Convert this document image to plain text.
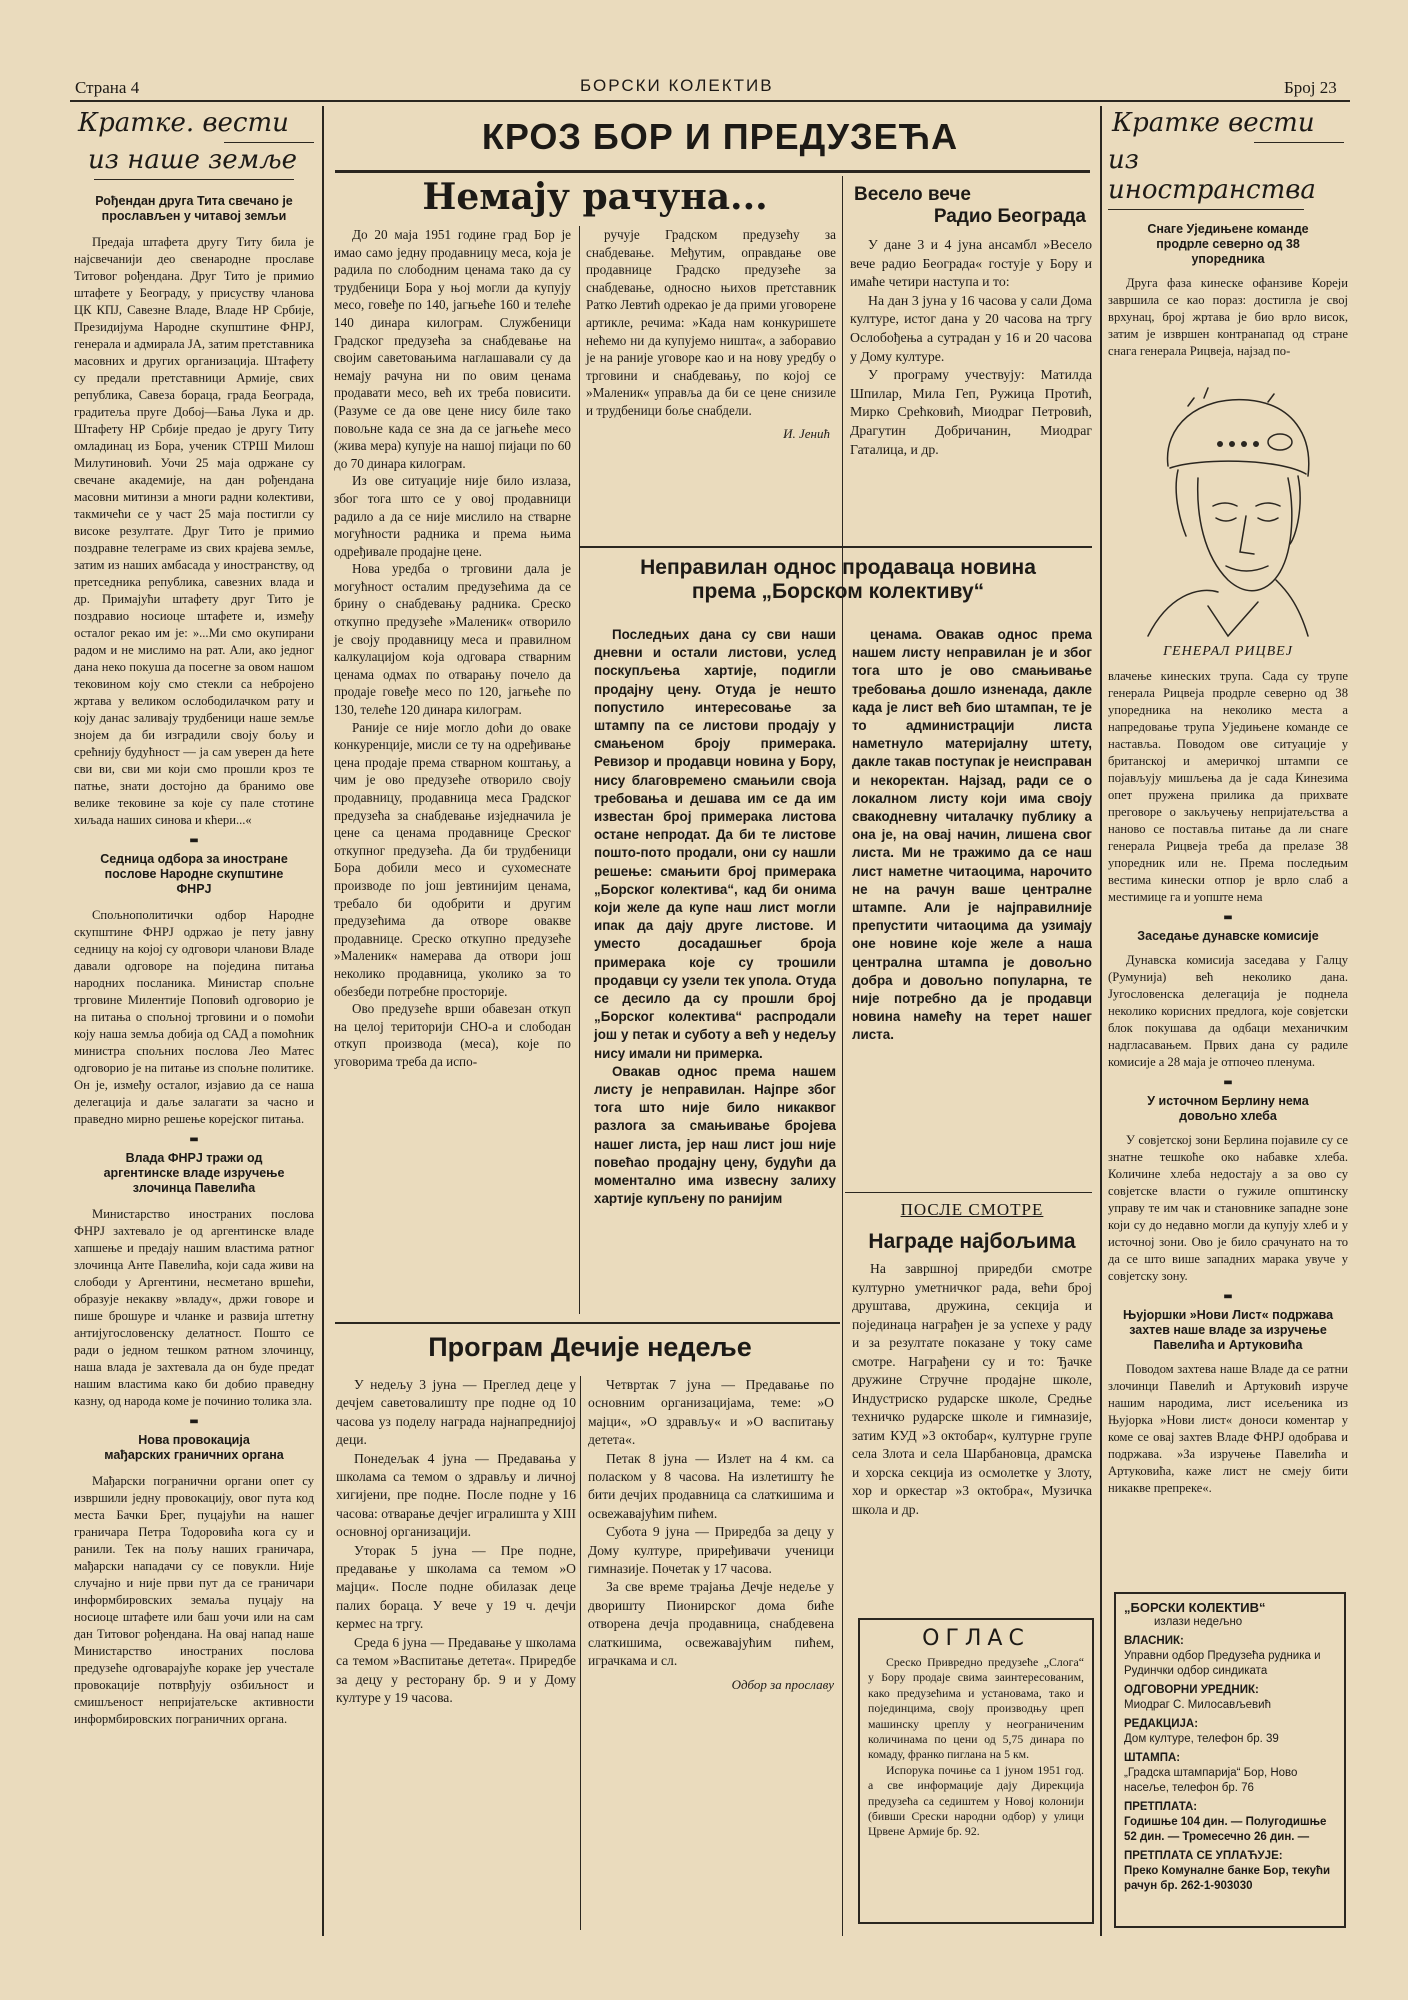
Страна 4	БОРСКИ КОЛЕКТИВ	Број 23
Кратке. вести
из наше земље
Рођендан друга Тита свечано је прослављен у читавој земљи
Предаја штафета другу Титу била је најсвечанији део свенародне прославе Титовог рођендана. Друг Тито је примио штафете у Београду, у присуству чланова ЦК КПЈ, Савезне Владе, Владе НР Србије, Президијума Народне скупштине ФНРЈ, генерала и адмирала ЈА, затим претставника масовних и других организација. Штафету су предали претставници Армије, свих република, Савеза бораца, града Београда, градитеља пруге Добој—Бања Лука и др. Штафету НР Србије предао је другу Титу омладинац из Бора, ученик СТРШ Милош Милутиновић. Уочи 25 маја одржане су свечане академије, на дан рођендана масовни митинзи а многи радни колективи, такмичећи се у част 25 маја постигли су високе резултате. Друг Тито је примио поздравне телеграме из свих крајева земље, затим из наших амбасада у иностранству, од претседника република, савезних влада и др. Примајући штафету друг Тито је поздравио носиоце штафете и, између осталог рекао им је: »...Ми смо окупирани радом и не мислимо на рат. Али, ако једног дана неко покуша да посегне за овом нашом тековином коју смо стекли са небројено жртава у великом ослободилачком рату и коју данас заливају трудбеници наше земље знојем да би изградили своју бољу и срећнију будућност — ја сам уверен да ћете сви ви, сви ми који смо прошли кроз те патње, знати достојно да бранимо ове велике тековине за које су пале стотине хиљада наших синова и кћери...«
▬
Седница одбора за иностране послове Народне скупштине ФНРЈ
Спољнополитички одбор Народне скупштине ФНРЈ одржао је пету јавну седницу на којој су одговори чланови Владе давали одговоре на поједина питања народних посланика. Министар спољне трговине Милентије Поповић одговорио је на питања о спољној трговини и о помоћи коју наша земља добија од САД а помоћник министра спољних послова Лео Матес одговорио је на питање из спољне политике. Он је, између осталог, изјавио да се наша делегација и даље залагати за часно и праведно мирно решење корејског питања.
▬
Влада ФНРЈ тражи од аргентинске владе изручење злочинца Павелића
Министарство иностраних послова ФНРЈ захтевало је од аргентинске владе хапшење и предају нашим властима ратног злочинца Анте Павелића, који сада живи на слободи у Аргентини, несметано вршећи, образује некакву »владу«, држи говоре и пише брошуре и чланке и развија штетну антијугословенску делатност. Пошто се ради о једном тешком ратном злочинцу, наша влада је захтевала да он буде предат нашим властима како би добио праведну казну, од народа коме је починио толика зла.
▬
Нова провокација мађарских граничних органа
Мађарски погранични органи опет су извршили једну провокацију, овог пута код места Бачки Брег, пуцајући на нашег граничара Петра Тодоровића кога су и ранили. Тек на пољу наших граничара, мађарски нападачи су се повукли. Није случајно и није први пут да се граничари информбировских земаља пуцају на носиоце штафете или баш уочи или на сам дан Титовог рођендана. На овај напад наше Министарство иностраних послова предузеће одговарајуће кораке јер учестале провокације потврђују озбиљност и смишљеност непријатељске активности информбировских пограничних органа.
КРОЗ БОР И ПРЕДУЗЕЋА
Немају рачуна...

До 20 маја 1951 године град Бор је имао само једну продавницу меса, која је радила по слободним ценама тако да су трудбеници Бора у њој могли да купују месо, говеђе по 140, јагњеће 160 и телеће 140 динара килограм. Службеници Градског предузећа за снабдевање на својим саветовањима наглашавали су да немају рачуна ни по овим ценама продавати месо, већ их треба повисити. (Разуме се да ове цене нису биле тако повољне када се зна да се јагњеће месо (жива мера) купује на нашој пијаци по 60 до 70 динара килограм.

Из ове ситуације није било излаза, због тога што се у овој продавници радило а да се није мислило на стварне могућности радника и према њима одређивале продајне цене.

Нова уредба о трговини дала је могућност осталим предузећима да се брину о снабдевању радника. Среско откупно предузеће »Маленик« отворило је своју продавницу меса и правилном калкулацијом која одговара стварним ценама одмах по отварању почело да продаје говеђе месо по 120, јагњеће по 130, телеће 120 динара килограм.

Раније се није могло доћи до оваке конкуренције, мисли се ту на одређивање цена продаје према стварном коштању, а чим је ово предузеће отворило своју продавницу, продавница меса Градског предузећа за снабдевање изједначила је цене са ценама продавнице Среског откупног предузећа. Да би трудбеници Бора добили месо и сухомеснате производе по још јевтинијим ценама, требало би одобрити и другим предузећима да отворе овакве продавнице. Среско откупно предузеће »Маленик« намерава да отвори још неколико продавница, уколико за то обезбеди потребне просторије.

Ово предузеће врши обавезан откуп на целој територији СНО-а и слободан откуп производа (меса), које по уговорима треба да испо-

ручује Градском предузећу за снабдевање. Међутим, оправдање ове продавнице Градско предузеће за снабдевање, односно њихов претставник Ратко Левтић одрекао је да прими уговорене артикле, речима: »Када нам конкуришете нећемо ни да купујемо ништа«, а заборавио је на раније уговоре као и на нову уредбу о трговини и снабдевању, по којој се »Маленик« управља да би се цене снизиле и трудбеници боље снабдели.

И. Јенић
Весело вече
Радио Београда

У дане 3 и 4 јуна ансамбл »Весело вече радио Београда« гостује у Бору и имаће четири наступа и то:

На дан 3 јуна у 16 часова у сали Дома културе, истог дана у 20 часова на тргу Ослобођења а сутрадан у 16 и 20 часова у Дому културе.

У програму учествују: Матилда Шпилар, Мила Геп, Ружица Протић, Мирко Срећковић, Миодраг Петровић, Драгутин Добричанин, Миодраг Гаталица, и др.

Неправилан однос продаваца новина
према „Борском колективу“

Последњих дана су сви наши дневни и остали листови, услед поскупљења хартије, подигли продајну цену. Отуда је нешто попустило интересовање за штампу па се листови продају у смањеном броју примерака. Ревизор и продавци новина у Бору, нису благовремено смањили своја требовања и дешава им се да им известан број примерака листова остане непродат. Да би те листове пошто-пото продали, они су нашли решење: смањити број примерака „Борског колектива“, кад би онима који желе да купе наш лист могли ипак да дају друге листове. И уместо досадашњег броја примерака које су трошили продавци су узели тек упола. Отуда се десило да су прошли број „Борског колектива“ распродали још у петак и суботу а већ у недељу нису имали ни примерка.

Овакав однос према нашем листу је неправилан. Најпре због тога што није било никаквог разлога за смањивање бројева нашег листа, јер наш лист још није повећао продајну цену, будући да моментално има извесну залиху хартије купљену по ранијим

ценама. Овакав однос према нашем листу неправилан је и због тога што је ово смањивање требовања дошло изненада, дакле када је лист већ био штампан, те је то администрацији листа наметнуло материјалну штету, дакле такав поступак је неисправан и некоректан. Најзад, ради се о локалном листу који има своју свакодневну читалачку публику а она је, на овај начин, лишена свог листа. Ми не тражимо да се наш лист наметне читаоцима, нарочито не на рачун ваше централне штампе. Али је најправилније препустити читаоцима да узимају оне новине које желе а наша централна штампа је довољно добра и довољно популарна, те није потребно да је продавци новина намећу на терет нашег листа.

ПОСЛЕ СМОТРЕ
Награде најбољима
На завршној приредби смотре културно уметничког рада, већи број друштава, дружина, секција и појединаца награђен је за успехе у раду и за резултате показане у току саме смотре. Награђени су и то: Ђачке дружине Стручне продајне школе, Индустриско рударске школе, Средње техничко рударске школе и гимназије, затим КУД »3 октобар«, културне групе села Злота и села Шарбановца, драмска и хорска секција из осмолетке у Злоту, хор и оркестар »3 октобра«, Музичка школа и др.
ОГЛАС

Среско Привредно предузеће „Слога“ у Бору продаје свима заинтересованим, како предузећима и установама, тако и појединцима, своју производњу цреп машинску цреплу у неограниченим количинама по цени од 5,75 динара по комаду, франко пиглана на 5 км.

Испорука почиње са 1 јуном 1951 год. а све информације дају Дирекција предузећа са седиштем у Новој колонији (бивши Срески народни одбор) у улици Црвене Армије бр. 92.

Програм Дечије недеље

У недељу 3 јуна — Преглед деце у дечјем саветовалишту пре подне од 10 часова уз поделу награда најнапреднијој деци.

Понедељак 4 јуна — Предавања у школама са темом о здрављу и личној хигијени, пре подне. После подне у 16 часова: отварање дечјег игралишта у XIII основној организацији.

Уторак 5 јуна — Пре подне, предавање у школама са темом »О мајци«. После подне обилазак деце палих бораца. У вече у 19 ч. дечји кермес на тргу.

Среда 6 јуна — Предавање у школама са темом »Васпитање детета«. Приредбе за децу у ресторану бр. 9 и у Дому културе у 19 часова.

Четвртак 7 јуна — Предавање по основним организацијама, теме: »О мајци«, »О здрављу« и »О васпитању детета«.

Петак 8 јуна — Излет на 4 км. са поласком у 8 часова. На излетишту ће бити дечјих продавница са слаткишима и освежавајућим пићем.

Субота 9 јуна — Приредба за децу у Дому културе, приређивачи ученици гимназије. Почетак у 17 часова.

За све време трајања Дечје недеље у дворишту Пионирског дома биће отворена дечја продавница, снабдевена слаткишима, освежавајућим пићем, играчкама и сл.

Одбор за прославу
Кратке вести
из иностранства
Снаге Уједињене команде продрле северно од 38 упоредника
Друга фаза кинеске офанзиве Кореји завршила се као пораз: достигла је свој врхунац, број жртава је био врло висок, затим је извршен контранапад од стране снага генерала Рицвеја, најзад по-
ГЕНЕРАЛ РИЦВЕЈ
влачење кинеских трупа. Сада су трупе генерала Рицвеја продрле северно од 38 упоредника на неколико места а напредовање трупа Уједињене команде се наставља. Поводом ове ситуације у британској и америчкој штампи се појављују мишљења да је сада Кинезима опет пружена прилика да прихвате преговоре о закључењу непријатељства а наново се постављa питање да ли снаге генерала Рицвеја треба да прелазе 38 упоредник или не. Према последњим вестима кинески отпор је врло слаб а местимице га и уопште нема
▬
Заседање дунавске комисије
Дунавска комисија заседава у Галцу (Румунија) већ неколико дана. Југословенска делегација је поднела неколико корисних предлога, које совјетски блок покушава да одбаци механичким надгласавањем. Првих дана су радиле комисије а 28 маја је отпочео пленума.
▬
У источном Берлину нема довољно хлеба
У совјетској зони Берлина појавиле су се знатне тешкоће око набавке хлеба. Количине хлеба недостају а за ово су совјетске власти о гужиле општинску управу те им чак и становнике западне зоне који су до недавно могли да купују хлеб и у источној зони. Ово је било срачунато на то да се што више западних марака увуче у совјетску зону.
▬
Њујоршки »Нови Лист« подржава захтев наше владе за изручење Павелића и Артуковића
Поводом захтева наше Владе да се ратни злочинци Павелић и Артуковић изруче нашим народима, лист исељеника из Њујорка »Нови лист« доноси коментар у коме се овај захтев Владе ФНРЈ одобрава и подржава. »За изручење Павелића и Артуковића, каже лист не смеју бити никакве препреке«.
„БОРСКИ КОЛЕКТИВ“
излази недељно
ВЛАСНИК:
Управни одбор Предузећа рудника и Рудинчки одбор синдиката
ОДГОВОРНИ УРЕДНИК:
Миодраг С. Милосављевић
РЕДАКЦИЈА:
Дом културе, телефон бр. 39
ШТАМПА:
„Градска штампарија“ Бор, Ново насеље, телефон бр. 76
ПРЕТПЛАТА:
Годишње 104 дин. — Полугодишње 52 дин. — Тромесечно 26 дин. —
ПРЕТПЛАТА СЕ УПЛАЋУЈЕ:
Преко Комуналне банке Бор, текући рачун бр. 262-1-903030
